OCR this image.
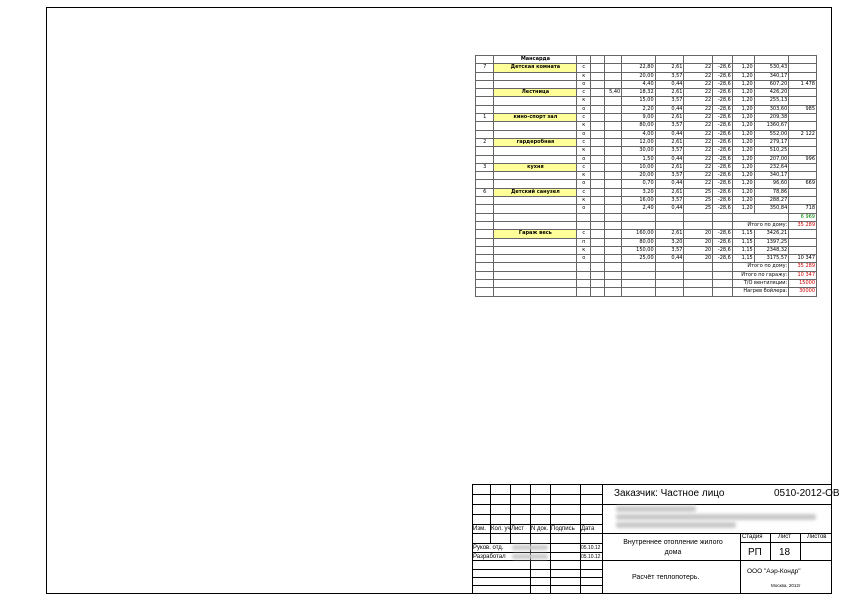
	Мансарда										
7	Детская комната	с			22,80	2,61	22	-28,6	1,20	530,43	
		к			20,00	3,57	22	-28,6	1,20	340,17	
		о			4,40	0,44	22	-28,6	1,20	607,20	1 478
	Лестница	с		5,40	18,32	2,61	22	-28,6	1,20	426,20	
		к			15,00	3,57	22	-28,6	1,20	255,13	
		о			2,20	0,44	22	-28,6	1,20	303,60	985
1	кино-спорт зал	с			9,00	2,61	22	-28,6	1,20	209,38	
		к			80,00	3,57	22	-28,6	1,20	1360,67	
		о			4,00	0,44	22	-28,6	1,20	552,00	2 122
2	гардеробная	с			12,00	2,61	22	-28,6	1,20	279,17	
		к			30,00	3,57	22	-28,6	1,20	510,25	
		о			1,50	0,44	22	-28,6	1,20	207,00	996
3	кухня	с			10,00	2,61	22	-28,6	1,20	232,64	
		к			20,00	3,57	22	-28,6	1,20	340,17	
		о			0,70	0,44	22	-28,6	1,20	96,60	669
6	Детский санузел	с			3,20	2,61	25	-28,6	1,20	78,86	
		к			16,00	3,57	25	-28,6	1,20	288,27	
		о			2,40	0,44	25	-28,6	1,20	350,84	718
											6 969
									Итого по дому:		35 289
	Гараж весь	с			160,00	2,61	20	-28,6	1,15	3426,21	
		п			80,00	3,20	20	-28,6	1,15	1397,25	
		к			150,00	3,57	20	-28,6	1,15	2348,32	
		о			25,00	0,44	20	-28,6	1,15	3175,57	10 347
									Итого по дому:		35 289
									Итого по гаражу:		10 347
									Т/О вентиляции:		15000
									Нагрев бойлера:		30000
Заказчик: Частное лицо	0510-2012-ОВ
Изм. Кол. уч Лист N док. Подпись Дата
Руков. отд.
Разработал
05.10.12
05.10.12
Внутреннее отопление жилого дома
Стадия	Лист	Листов
РП 18
Расчёт теплопотерь.
ООО "Аэр-Кондр"
Москва, 2012г
